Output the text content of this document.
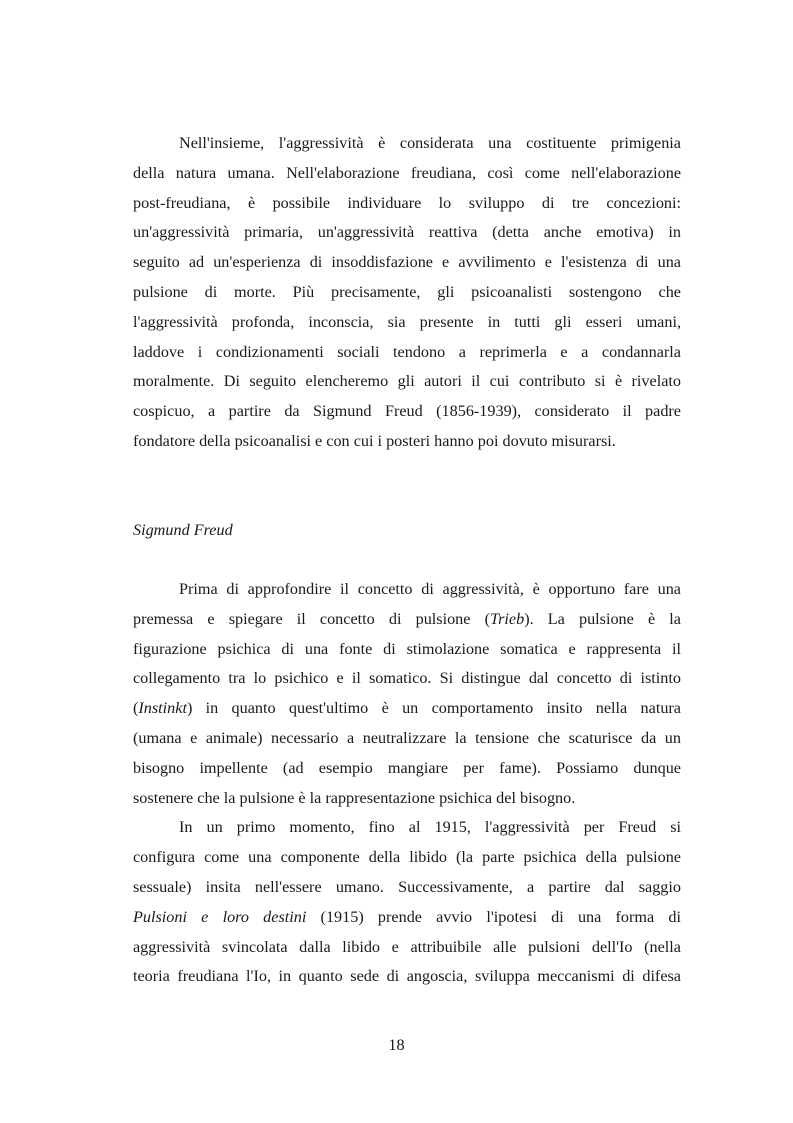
Nell'insieme, l'aggressività è considerata una costituente primigenia
della natura umana. Nell'elaborazione freudiana, così come nell'elaborazione
post-freudiana, è possibile individuare lo sviluppo di tre concezioni:
un'aggressività primaria, un'aggressività reattiva (detta anche emotiva) in
seguito ad un'esperienza di insoddisfazione e avvilimento e l'esistenza di una
pulsione di morte. Più precisamente, gli psicoanalisti sostengono che
l'aggressività profonda, inconscia, sia presente in tutti gli esseri umani,
laddove i condizionamenti sociali tendono a reprimerla e a condannarla
moralmente. Di seguito elencheremo gli autori il cui contributo si è rivelato
cospicuo, a partire da Sigmund Freud (1856-1939), considerato il padre
fondatore della psicoanalisi e con cui i posteri hanno poi dovuto misurarsi.
Sigmund Freud
Prima di approfondire il concetto di aggressività, è opportuno fare una
premessa e spiegare il concetto di pulsione (Trieb). La pulsione è la
figurazione psichica di una fonte di stimolazione somatica e rappresenta il
collegamento tra lo psichico e il somatico. Si distingue dal concetto di istinto
(Instinkt) in quanto quest'ultimo è un comportamento insito nella natura
(umana e animale) necessario a neutralizzare la tensione che scaturisce da un
bisogno impellente (ad esempio mangiare per fame). Possiamo dunque
sostenere che la pulsione è la rappresentazione psichica del bisogno.
In un primo momento, fino al 1915, l'aggressività per Freud si
configura come una componente della libido (la parte psichica della pulsione
sessuale) insita nell'essere umano. Successivamente, a partire dal saggio
Pulsioni e loro destini (1915) prende avvio l'ipotesi di una forma di
aggressività svincolata dalla libido e attribuibile alle pulsioni dell'Io (nella
teoria freudiana l'Io, in quanto sede di angoscia, sviluppa meccanismi di difesa
18
